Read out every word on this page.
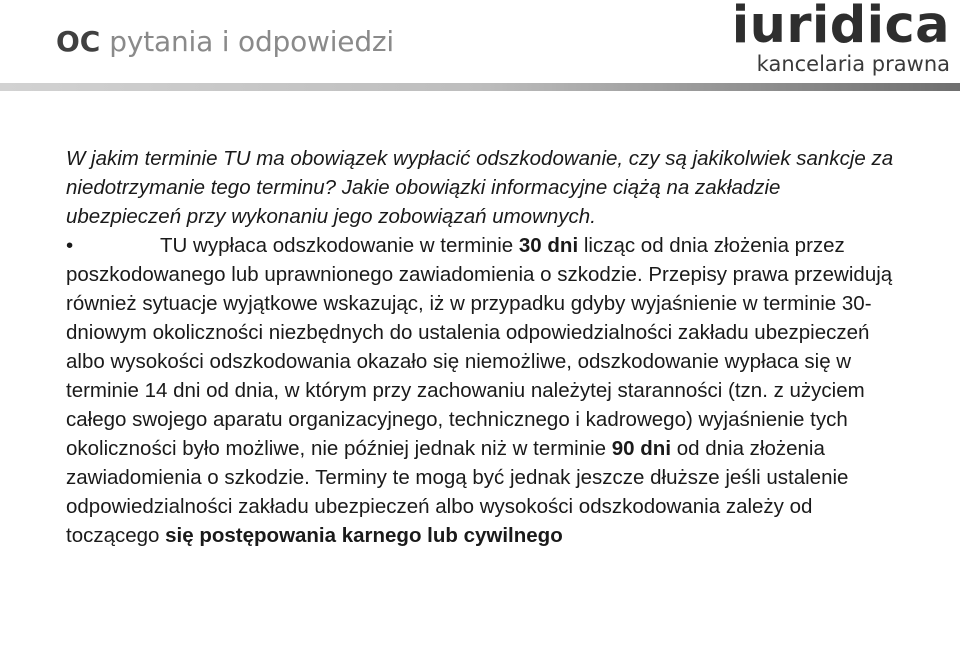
OC pytania i odpowiedzi	iuridica
kancelaria prawna

W jakim terminie TU ma obowiązek wypłacić odszkodowanie, czy są jakikolwiek sankcje za niedotrzymanie tego terminu? Jakie obowiązki informacyjne ciążą na zakładzie ubezpieczeń przy wykonaniu jego zobowiązań umownych.

•	TU wypłaca odszkodowanie w terminie 30 dni licząc od dnia złożenia przez poszkodowanego lub uprawnionego zawiadomienia o szkodzie. Przepisy prawa przewidują również sytuacje wyjątkowe wskazując, iż w przypadku gdyby wyjaśnienie w terminie 30-dniowym okoliczności niezbędnych do ustalenia odpowiedzialności zakładu ubezpieczeń albo wysokości odszkodowania okazało się niemożliwe, odszkodowanie wypłaca się w terminie 14 dni od dnia, w którym przy zachowaniu należytej staranności (tzn. z użyciem całego swojego aparatu organizacyjnego, technicznego i kadrowego) wyjaśnienie tych okoliczności było możliwe, nie później jednak niż w terminie 90 dni od dnia złożenia zawiadomienia o szkodzie. Terminy te mogą być jednak jeszcze dłuższe jeśli ustalenie odpowiedzialności zakładu ubezpieczeń albo wysokości odszkodowania zależy od toczącego się postępowania karnego lub cywilnego
